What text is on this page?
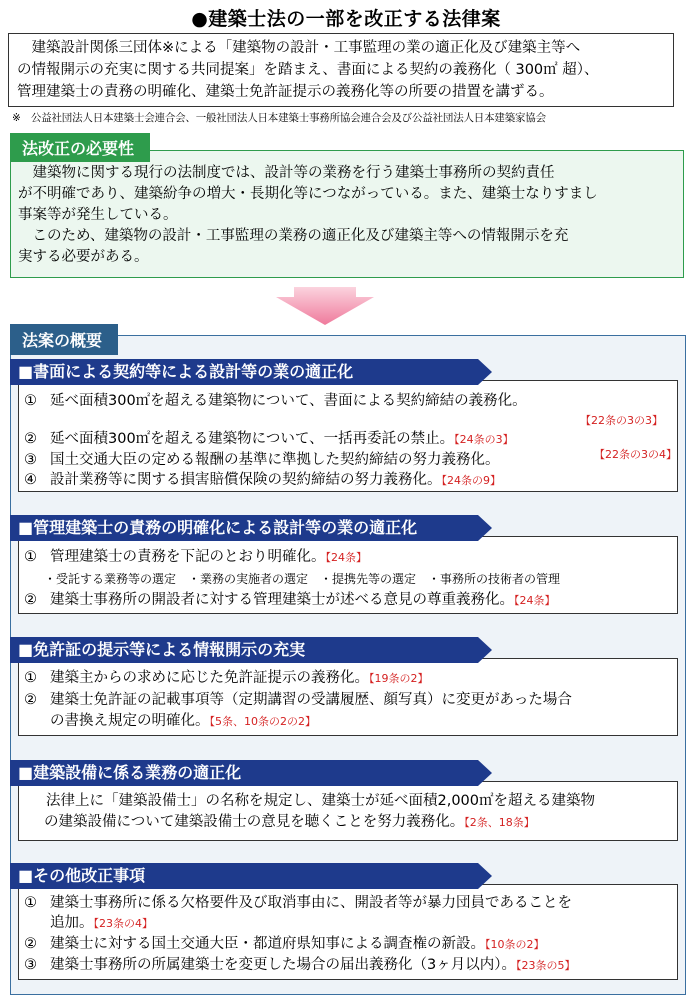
●建築士法の一部を改正する法律案
　建築設計関係三団体※による「建築物の設計・工事監理の業の適正化及び建築主等へ
の情報開示の充実に関する共同提案」を踏まえ、書面による契約の義務化（ 300㎡ 超）、
管理建築士の責務の明確化、建築士免許証提示の義務化等の所要の措置を講ずる。
※　公益社団法人日本建築士会連合会、一般社団法人日本建築士事務所協会連合会及び公益社団法人日本建築家協会
法改正の必要性

建築物に関する現行の法制度では、設計等の業務を行う建築士事務所の契約責任

が不明確であり、建築紛争の増大・長期化等につながっている。また、建築士なりすまし
事案等が発生している。

このため、建築物の設計・工事監理の業務の適正化及び建築主等への情報開示を充

実する必要がある。
法案の概要
■書面による契約等による設計等の業の適正化
① 延べ面積300㎡を超える建築物について、書面による契約締結の義務化。
【22条の3の3】
② 延べ面積300㎡を超える建築物について、一括再委託の禁止。【24条の3】
③ 国土交通大臣の定める報酬の基準に準拠した契約締結の努力義務化。	【22条の3の4】
④ 設計業務等に関する損害賠償保険の契約締結の努力義務化。【24条の9】
■管理建築士の責務の明確化による設計等の業の適正化
① 管理建築士の責務を下記のとおり明確化。【24条】
・受託する業務等の選定　・業務の実施者の選定　・提携先等の選定　・事務所の技術者の管理
② 建築士事務所の開設者に対する管理建築士が述べる意見の尊重義務化。【24条】
■免許証の提示等による情報開示の充実
① 建築主からの求めに応じた免許証提示の義務化。【19条の2】
② 建築士免許証の記載事項等（定期講習の受講履歴、顔写真）に変更があった場合
の書換え規定の明確化。【5条、10条の2の2】
■建築設備に係る業務の適正化
法律上に「建築設備士」の名称を規定し、建築士が延べ面積2,000㎡を超える建築物
の建築設備について建築設備士の意見を聴くことを努力義務化。【2条、18条】
■その他改正事項
① 建築士事務所に係る欠格要件及び取消事由に、開設者等が暴力団員であることを
追加。【23条の4】
② 建築士に対する国土交通大臣・都道府県知事による調査権の新設。【10条の2】
③ 建築士事務所の所属建築士を変更した場合の届出義務化（3ヶ月以内）。【23条の5】
